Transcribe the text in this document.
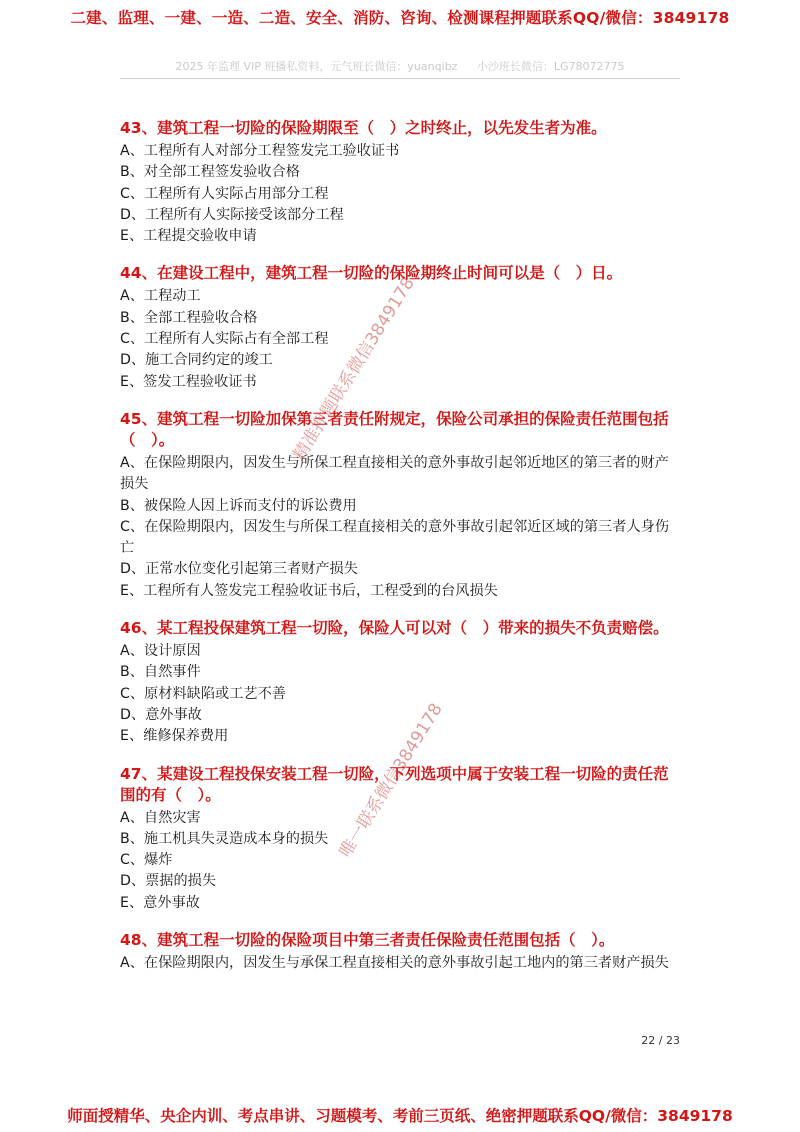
二建、监理、一建、一造、二造、安全、消防、咨询、检测课程押题联系QQ/微信：3849178
2025 年监理 VIP 班播私资料，元气班长微信：yuanqibz 小沙班长微信：LG78072775
43、建筑工程一切险的保险期限至（　）之时终止，以先发生者为准。
A、工程所有人对部分工程签发完工验收证书
B、对全部工程签发验收合格
C、工程所有人实际占用部分工程
D、工程所有人实际接受该部分工程
E、工程提交验收申请
44、在建设工程中，建筑工程一切险的保险期终止时间可以是（　）日。
A、工程动工
B、全部工程验收合格
C、工程所有人实际占有全部工程
D、施工合同约定的竣工
E、签发工程验收证书
45、建筑工程一切险加保第三者责任附规定，保险公司承担的保险责任范围包括（　）。
A、在保险期限内，因发生与所保工程直接相关的意外事故引起邻近地区的第三者的财产损失
B、被保险人因上诉而支付的诉讼费用
C、在保险期限内，因发生与所保工程直接相关的意外事故引起邻近区域的第三者人身伤亡
D、正常水位变化引起第三者财产损失
E、工程所有人签发完工程验收证书后，工程受到的台风损失
46、某工程投保建筑工程一切险，保险人可以对（　）带来的损失不负责赔偿。
A、设计原因
B、自然事件
C、原材料缺陷或工艺不善
D、意外事故
E、维修保养费用
47、某建设工程投保安装工程一切险，下列选项中属于安装工程一切险的责任范围的有（　）。
A、自然灾害
B、施工机具失灵造成本身的损失
C、爆炸
D、票据的损失
E、意外事故
48、建筑工程一切险的保险项目中第三者责任保险责任范围包括（　）。
A、在保险期限内，因发生与承保工程直接相关的意外事故引起工地内的第三者财产损失
精准押题联系微信3849178
唯一联系微信3849178
22 / 23
师面授精华、央企内训、考点串讲、习题模考、考前三页纸、绝密押题联系QQ/微信：3849178
